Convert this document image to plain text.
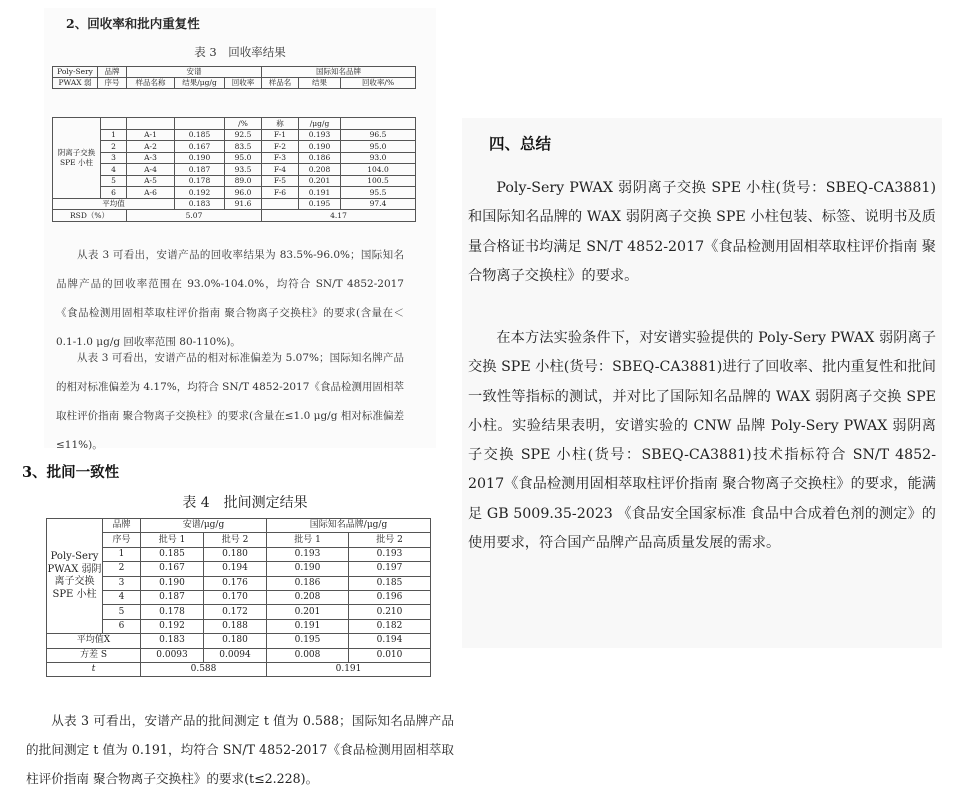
2、回收率和批内重复性
表 3　回收率结果
Poly-Sery	品牌	安谱			国际知名品牌		
PWAX 弱	序号	样品名称	结果/μg/g	回收率	样品名	结果	回收率/%
阴离子交换 SPE 小柱				/%	称	/μg/g	
	1	A-1	0.185	92.5	F-1	0.193	96.5
	2	A-2	0.167	83.5	F-2	0.190	95.0
	3	A-3	0.190	95.0	F-3	0.186	93.0
	4	A-4	0.187	93.5	F-4	0.208	104.0
	5	A-5	0.178	89.0	F-5	0.201	100.5
	6	A-6	0.192	96.0	F-6	0.191	95.5
平均值			0.183	91.6		0.195	97.4
RSD（%）		5.07			4.17		

从表 3 可看出，安谱产品的回收率结果为 83.5%-96.0%；国际知名品牌产品的回收率范围在 93.0%-104.0%，均符合 SN/T 4852-2017《食品检测用固相萃取柱评价指南 聚合物离子交换柱》的要求(含量在＜0.1-1.0 μg/g 回收率范围 80-110%)。

从表 3 可看出，安谱产品的相对标准偏差为 5.07%；国际知名牌产品的相对标准偏差为 4.17%，均符合 SN/T 4852-2017《食品检测用固相萃取柱评价指南 聚合物离子交换柱》的要求(含量在≤1.0 μg/g 相对标准偏差≤11%)。

3、批间一致性
表 4　批间测定结果
Poly-Sery PWAX 弱阴离子交换 SPE 小柱	品牌	安谱/μg/g		国际知名品牌/μg/g	
	序号	批号 1	批号 2	批号 1	批号 2
	1	0.185	0.180	0.193	0.193
	2	0.167	0.194	0.190	0.197
	3	0.190	0.176	0.186	0.185
	4	0.187	0.170	0.208	0.196
	5	0.178	0.172	0.201	0.210
	6	0.192	0.188	0.191	0.182
平均值X̄		0.183	0.180	0.195	0.194
方差 S		0.0093	0.0094	0.008	0.010
t		0.588		0.191	

从表 3 可看出，安谱产品的批间测定 t 值为 0.588；国际知名品牌产品的批间测定 t 值为 0.191，均符合 SN/T 4852-2017《食品检测用固相萃取柱评价指南 聚合物离子交换柱》的要求(t≤2.228)。

四、总结

Poly-Sery PWAX 弱阴离子交换 SPE 小柱(货号：SBEQ-CA3881)和国际知名品牌的 WAX 弱阴离子交换 SPE 小柱包装、标签、说明书及质量合格证书均满足 SN/T 4852-2017《食品检测用固相萃取柱评价指南 聚合物离子交换柱》的要求。

在本方法实验条件下，对安谱实验提供的 Poly-Sery PWAX 弱阴离子交换 SPE 小柱(货号：SBEQ-CA3881)进行了回收率、批内重复性和批间一致性等指标的测试，并对比了国际知名品牌的 WAX 弱阴离子交换 SPE 小柱。实验结果表明，安谱实验的 CNW 品牌 Poly-Sery PWAX 弱阴离子交换 SPE 小柱(货号：SBEQ-CA3881)技术指标符合 SN/T 4852-2017《食品检测用固相萃取柱评价指南 聚合物离子交换柱》的要求，能满足 GB 5009.35-2023 《食品安全国家标准 食品中合成着色剂的测定》的使用要求，符合国产品牌产品高质量发展的需求。
